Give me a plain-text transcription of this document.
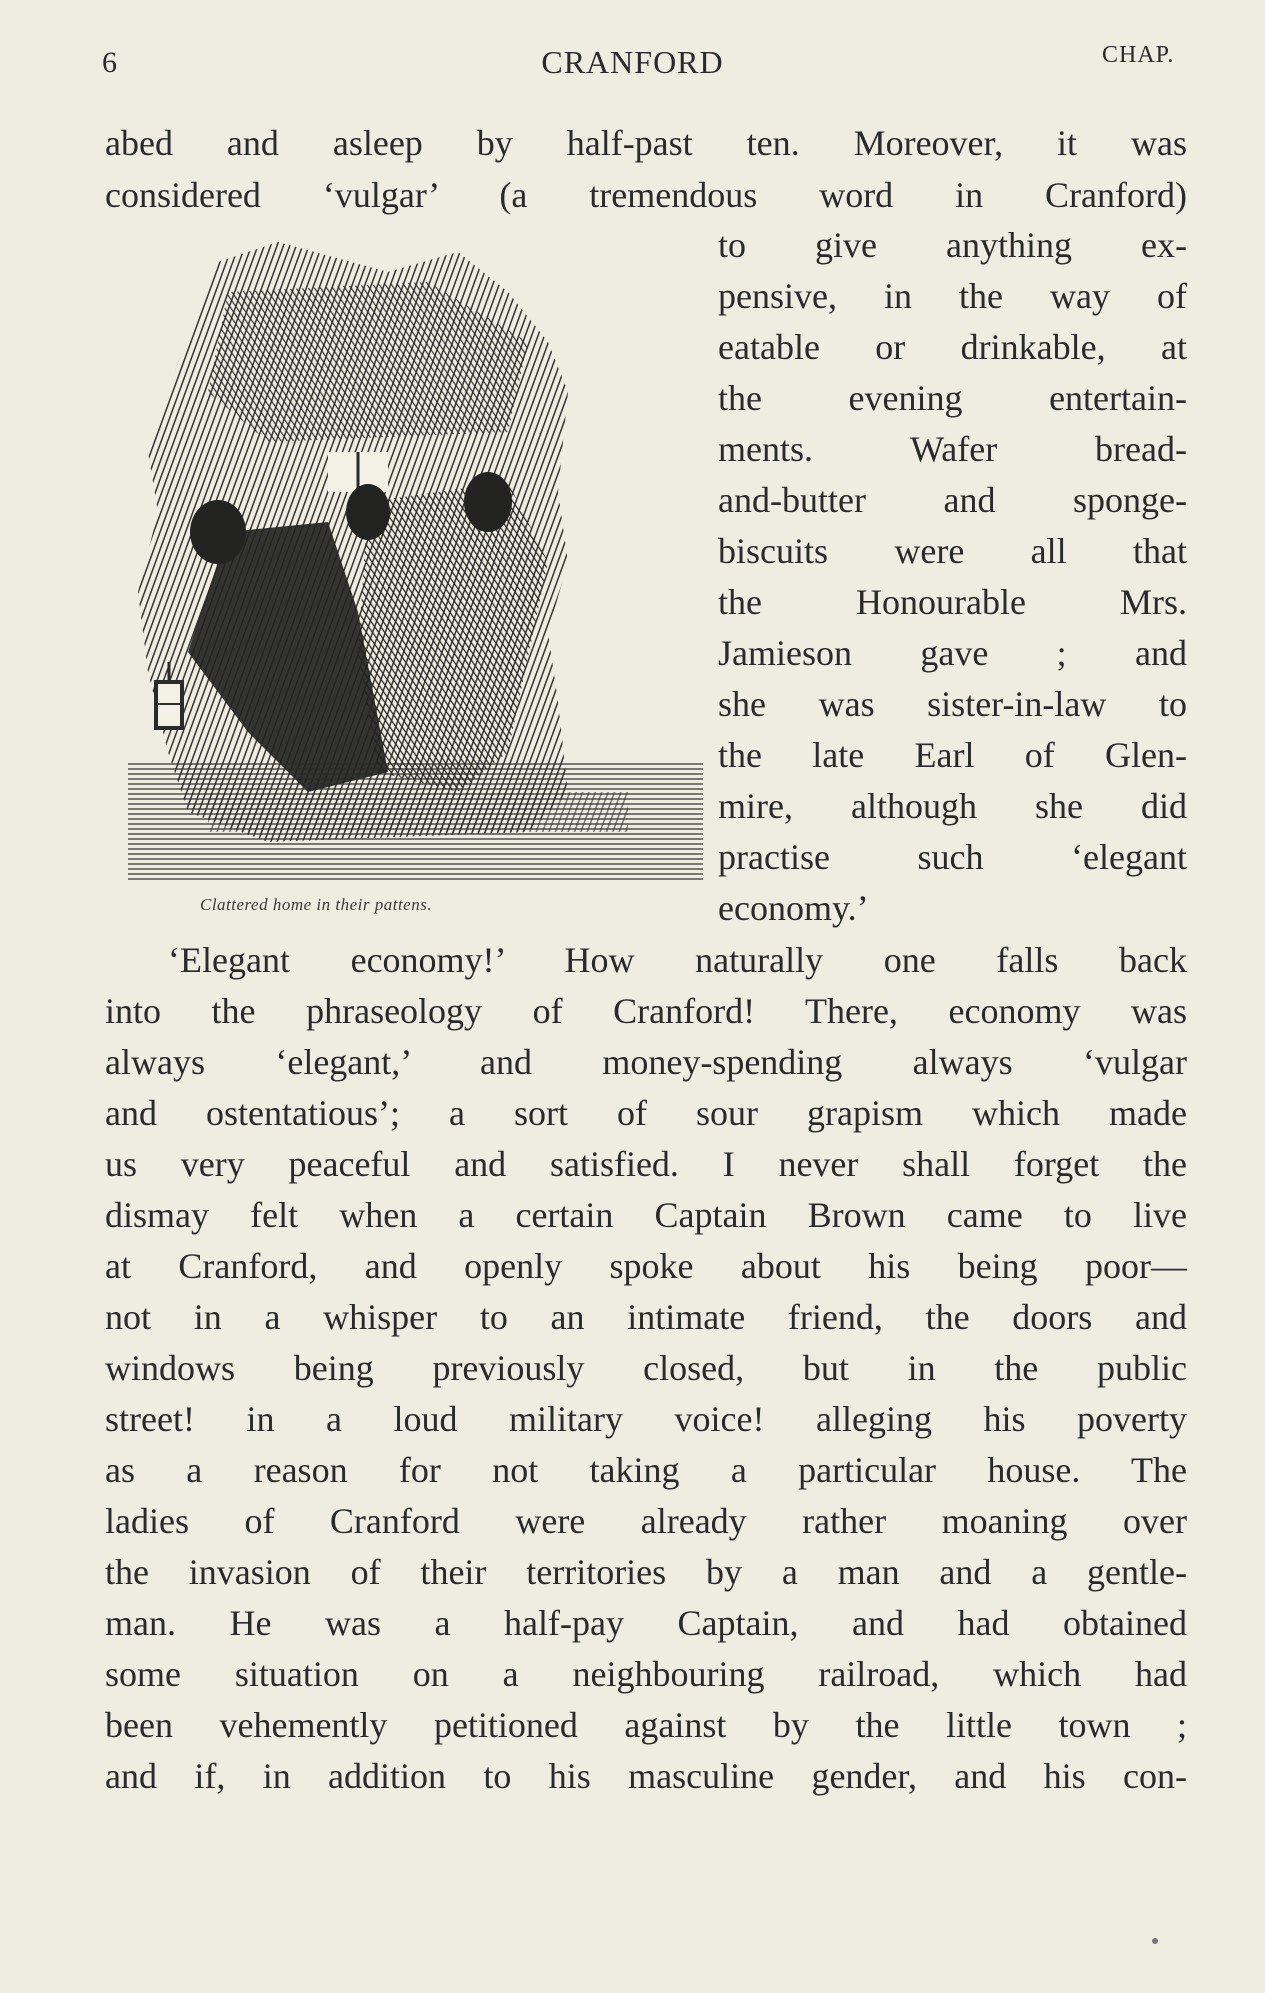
6	CRANFORD	CHAP.
abed and asleep by half-past ten. Moreover, it was
considered ‘vulgar’ (a tremendous word in Cranford)
Clattered home in their pattens.
to give anything ex-
pensive, in the way of
eatable or drinkable, at
the evening entertain-
ments. Wafer bread-
and-butter and sponge-
biscuits were all that
the Honourable Mrs.
Jamieson gave ; and
she was sister-in-law to
the late Earl of Glen-
mire, although she did
practise such ‘elegant
economy.’
‘Elegant economy!’ How naturally one falls back
into the phraseology of Cranford! There, economy was
always ‘elegant,’ and money-spending always ‘vulgar
and ostentatious’; a sort of sour grapism which made
us very peaceful and satisfied. I never shall forget the
dismay felt when a certain Captain Brown came to live
at Cranford, and openly spoke about his being poor—
not in a whisper to an intimate friend, the doors and
windows being previously closed, but in the public
street! in a loud military voice! alleging his poverty
as a reason for not taking a particular house. The
ladies of Cranford were already rather moaning over
the invasion of their territories by a man and a gentle-
man. He was a half-pay Captain, and had obtained
some situation on a neighbouring railroad, which had
been vehemently petitioned against by the little town ;
and if, in addition to his masculine gender, and his con-
